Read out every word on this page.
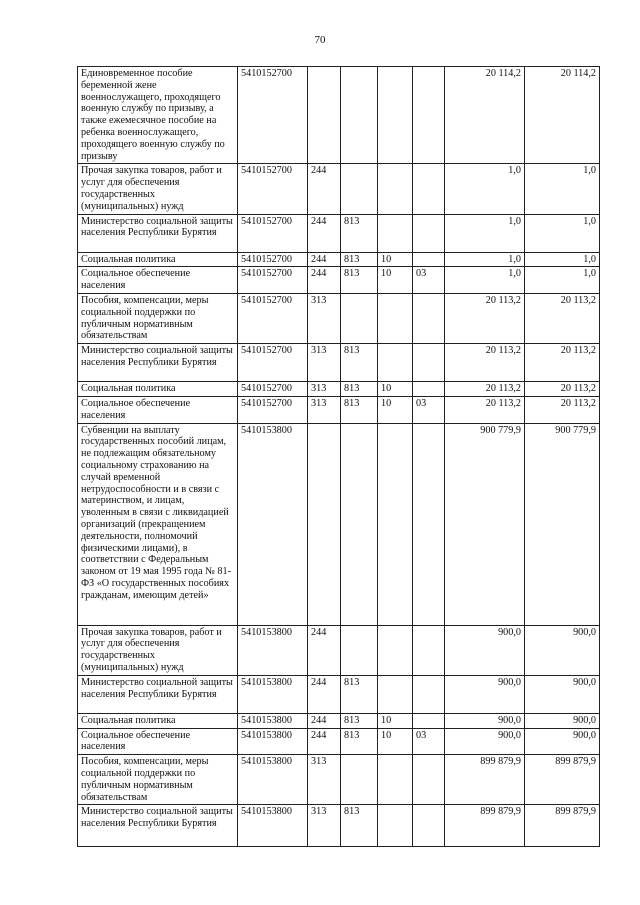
70
Единовременное пособие беременной жене военнослужащего, проходящего военную службу по призыву, а также ежемесячное пособие на ребенка военнослужащего, проходящего военную службу по призыву	5410152700					20 114,2	20 114,2
Прочая закупка товаров, работ и услуг для обеспечения государственных (муниципальных) нужд	5410152700	244				1,0	1,0
Министерство социальной защиты населения Республики Бурятия	5410152700	244	813			1,0	1,0
Социальная политика	5410152700	244	813	10		1,0	1,0
Социальное обеспечение населения	5410152700	244	813	10	03	1,0	1,0
Пособия, компенсации, меры социальной поддержки по публичным нормативным обязательствам	5410152700	313				20 113,2	20 113,2
Министерство социальной защиты населения Республики Бурятия	5410152700	313	813			20 113,2	20 113,2
Социальная политика	5410152700	313	813	10		20 113,2	20 113,2
Социальное обеспечение населения	5410152700	313	813	10	03	20 113,2	20 113,2
Субвенции на выплату государственных пособий лицам, не подлежащим обязательному социальному страхованию на случай временной нетрудоспособности и в связи с материнством, и лицам, уволенным в связи с ликвидацией организаций (прекращением деятельности, полномочий физическими лицами), в соответствии с Федеральным законом от 19 мая 1995 года № 81-ФЗ «О государственных пособиях гражданам, имеющим детей»	5410153800					900 779,9	900 779,9
Прочая закупка товаров, работ и услуг для обеспечения государственных (муниципальных) нужд	5410153800	244				900,0	900,0
Министерство социальной защиты населения Республики Бурятия	5410153800	244	813			900,0	900,0
Социальная политика	5410153800	244	813	10		900,0	900,0
Социальное обеспечение населения	5410153800	244	813	10	03	900,0	900,0
Пособия, компенсации, меры социальной поддержки по публичным нормативным обязательствам	5410153800	313				899 879,9	899 879,9
Министерство социальной защиты населения Республики Бурятия	5410153800	313	813			899 879,9	899 879,9
